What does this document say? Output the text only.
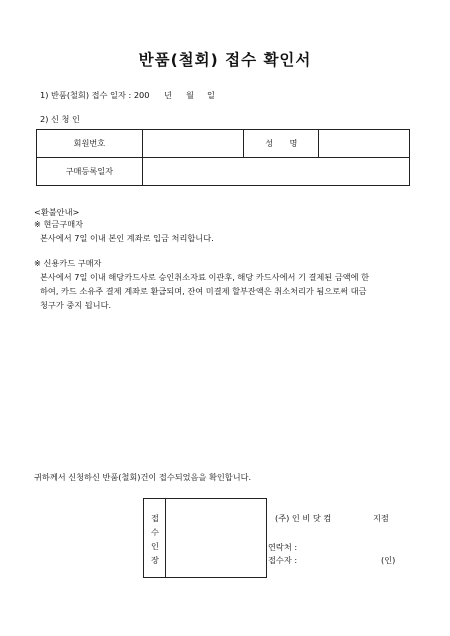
반품(철회) 접수 확인서
1) 반품(철회) 접수 일자 : 200 년 월 일
2) 신 청 인
회원번호		성　　명	
구매등록일자			
<환불안내>
※ 현금구매자
본사에서 7일 이내 본인 계좌로 입금 처리합니다.
※ 신용카드 구매자
본사에서 7일 이내 해당카드사로 승인취소자료 이관후, 해당 카드사에서 기 결제된 금액에 한
하여, 카드 소유주 결제 계좌로 환급되며, 잔여 미결제 할부잔액은 취소처리가 됨으로써 대금
청구가 중지 됩니다.
귀하께서 신청하신 반품(철회)건이 접수되었음을 확인합니다.
접
수
인
장
(주) 인 비 닷 컴	지점
연락처 :
접수자 :	(인)
